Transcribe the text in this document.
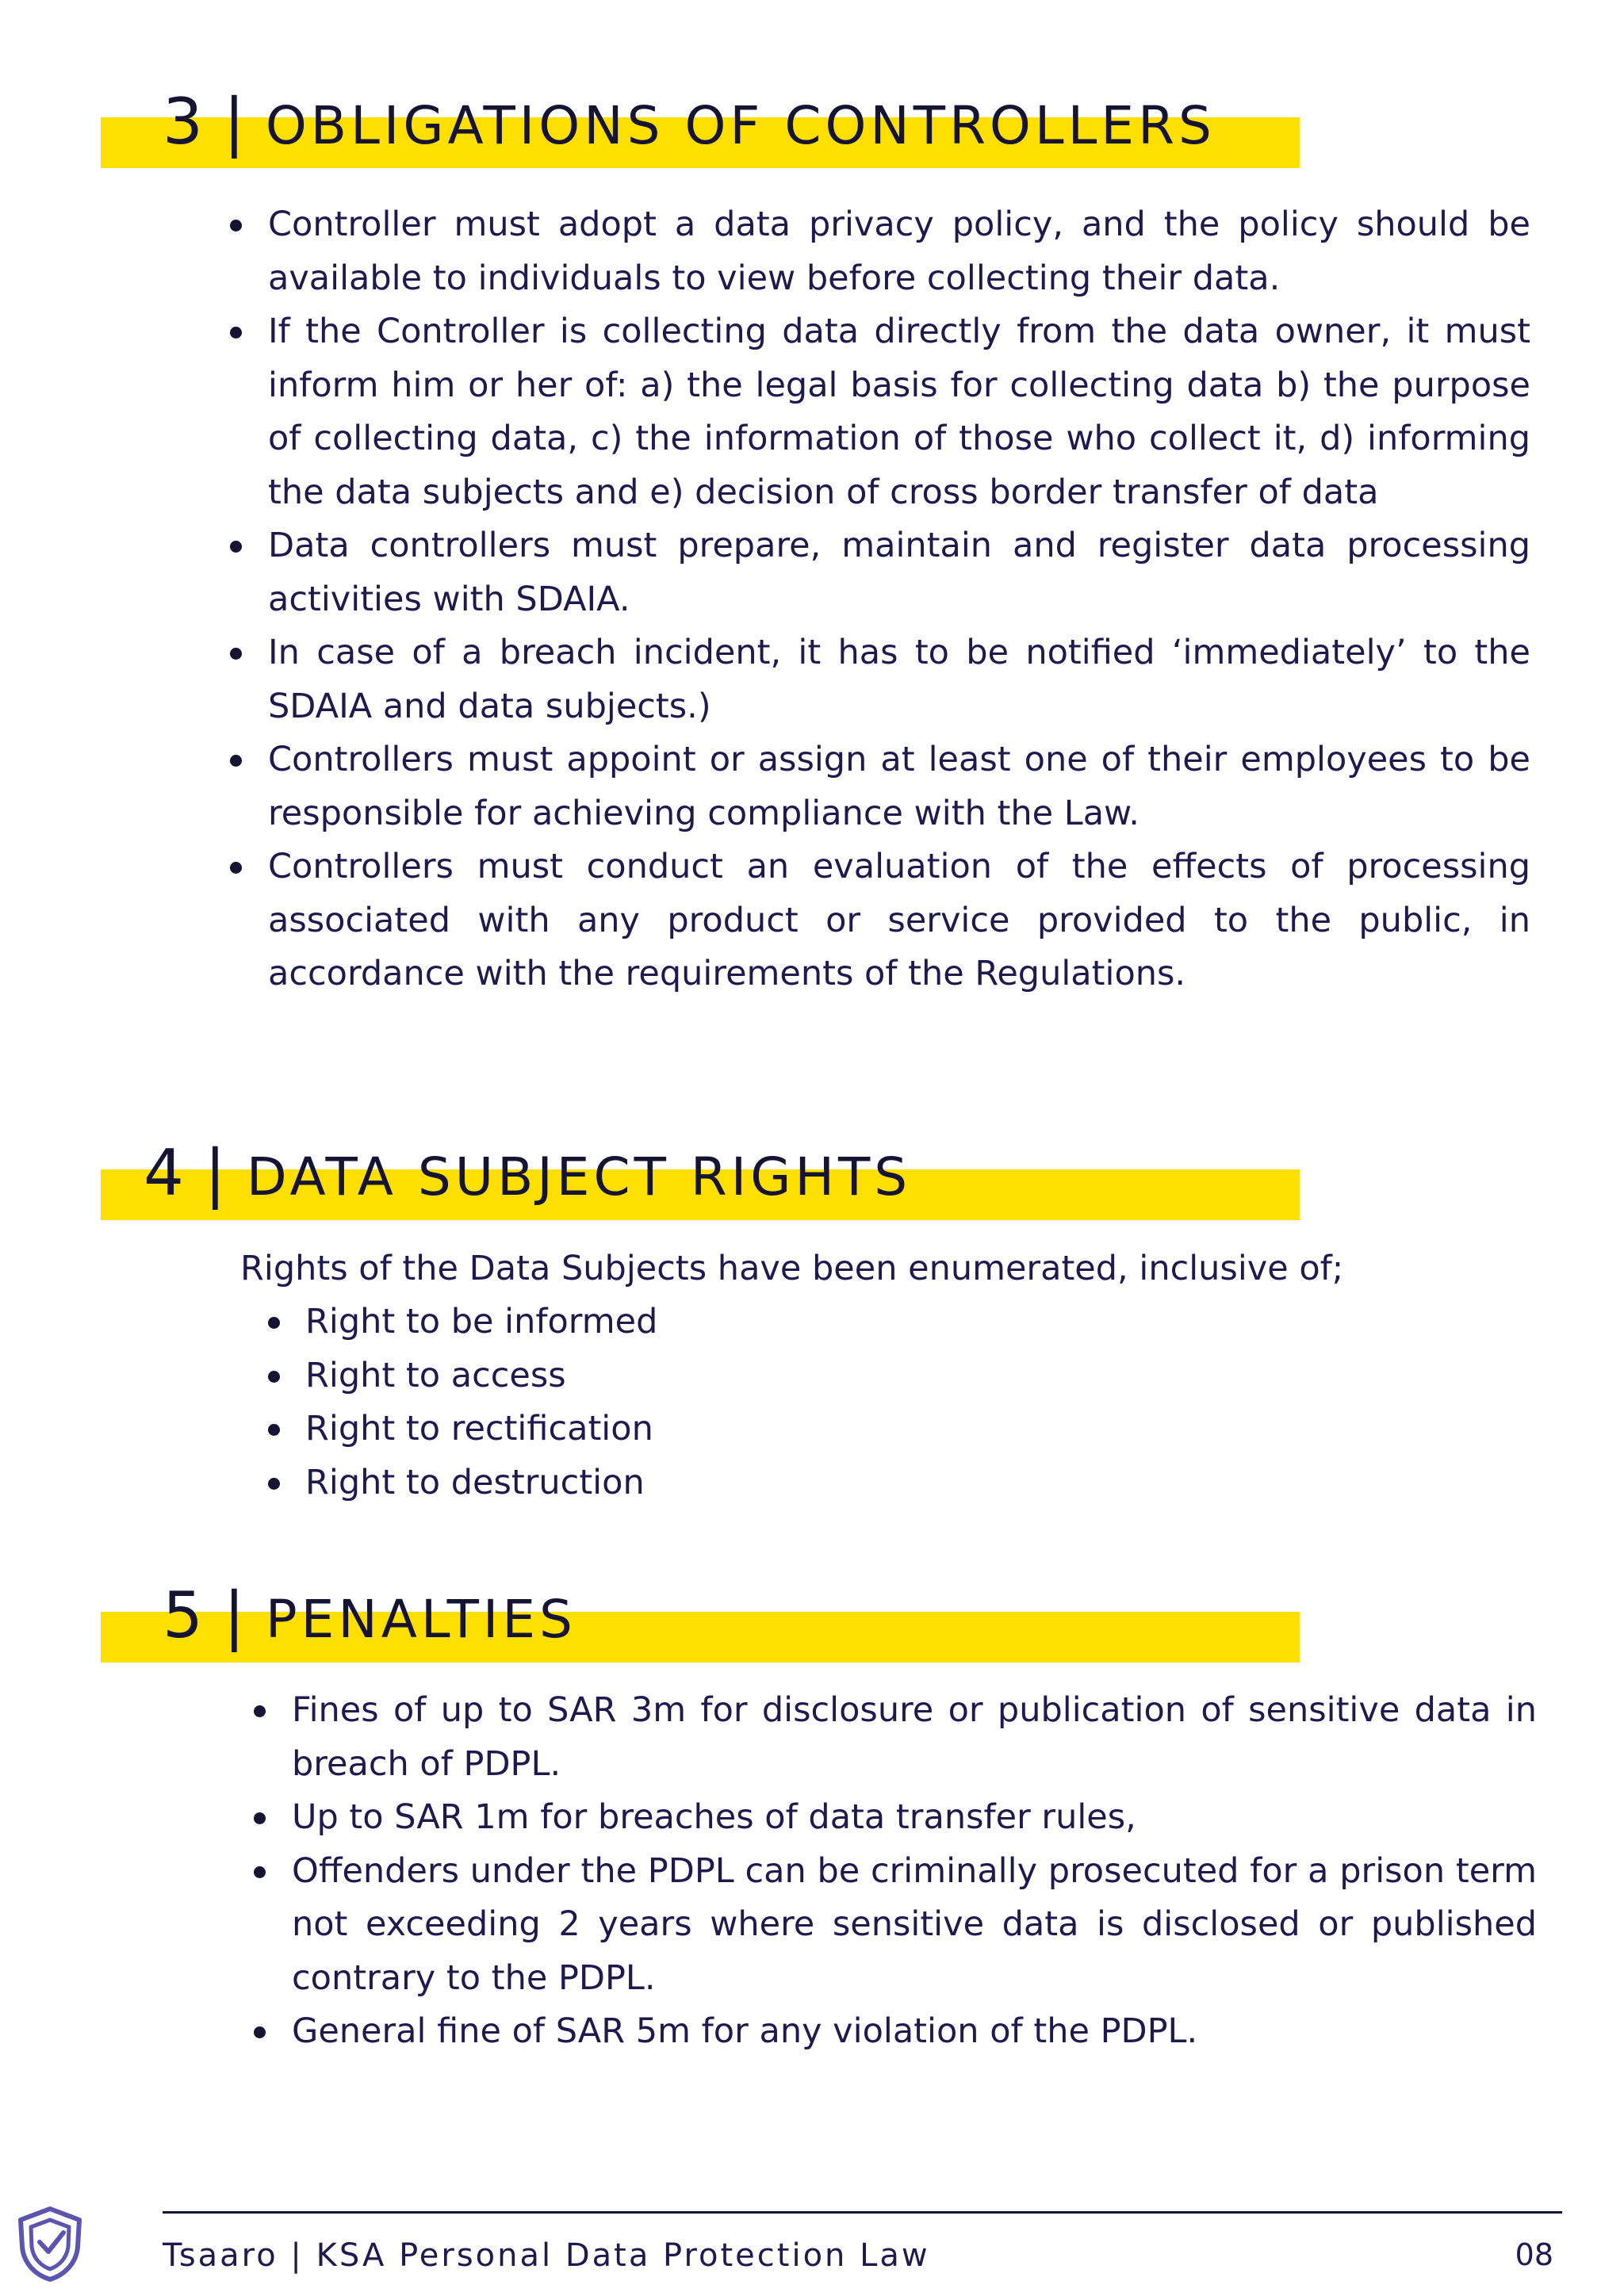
3 | OBLIGATIONS OF CONTROLLERS
Controller must adopt a data privacy policy, and the policy should be available to individuals to view before collecting their data.
If the Controller is collecting data directly from the data owner, it must inform him or her of: a) the legal basis for collecting data b) the purpose of collecting data, c) the information of those who collect it, d) informing the data subjects and e) decision of cross border transfer of data
Data controllers must prepare, maintain and register data processing activities with SDAIA.
In case of a breach incident, it has to be notified ‘immediately’ to the SDAIA and data subjects.)
Controllers must appoint or assign at least one of their employees to be responsible for achieving compliance with the Law.
Controllers must conduct an evaluation of the effects of processing associated with any product or service provided to the public, in accordance with the requirements of the Regulations.
4 | DATA SUBJECT RIGHTS
Rights of the Data Subjects have been enumerated, inclusive of;
Right to be informed
Right to access
Right to rectification
Right to destruction
5 | PENALTIES
Fines of up to SAR 3m for disclosure or publication of sensitive data in breach of PDPL.
Up to SAR 1m for breaches of data transfer rules,
Offenders under the PDPL can be criminally prosecuted for a prison term not exceeding 2 years where sensitive data is disclosed or published contrary to the PDPL.
General fine of SAR 5m for any violation of the PDPL.
Tsaaro | KSA Personal Data Protection Law	08
